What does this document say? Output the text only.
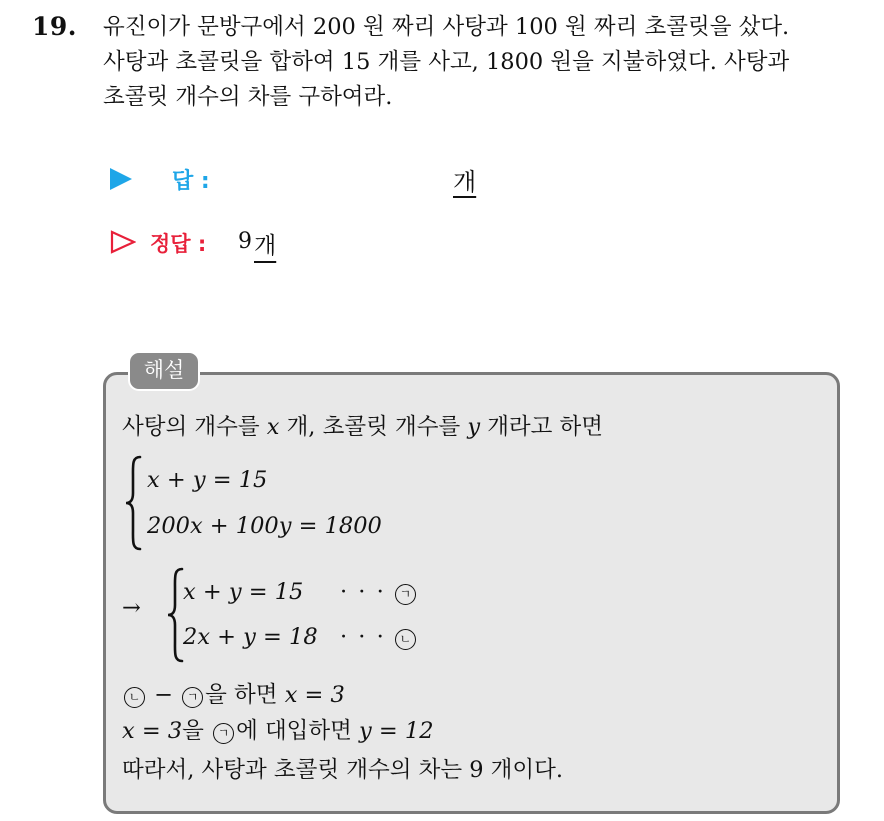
19. 유진이가 문방구에서 200 원 짜리 사탕과 100 원 짜리 초콜릿을 샀다.
사탕과 초콜릿을 합하여 15 개를 사고, 1800 원을 지불하였다. 사탕과
초콜릿 개수의 차를 구하여라.
답 :	개
정답 : 9 개
해설
사탕의 개수를 x 개, 초콜릿 개수를 y 개라고 하면
x + y = 15
200x + 100y = 1800
→
x + y = 15 · · · ㄱ
2x + y = 18 · · · ㄴ
ㄴ − ㄱ 을 하면 x = 3
x = 3을 ㄱ 에 대입하면 y = 12
따라서, 사탕과 초콜릿 개수의 차는 9 개이다.
